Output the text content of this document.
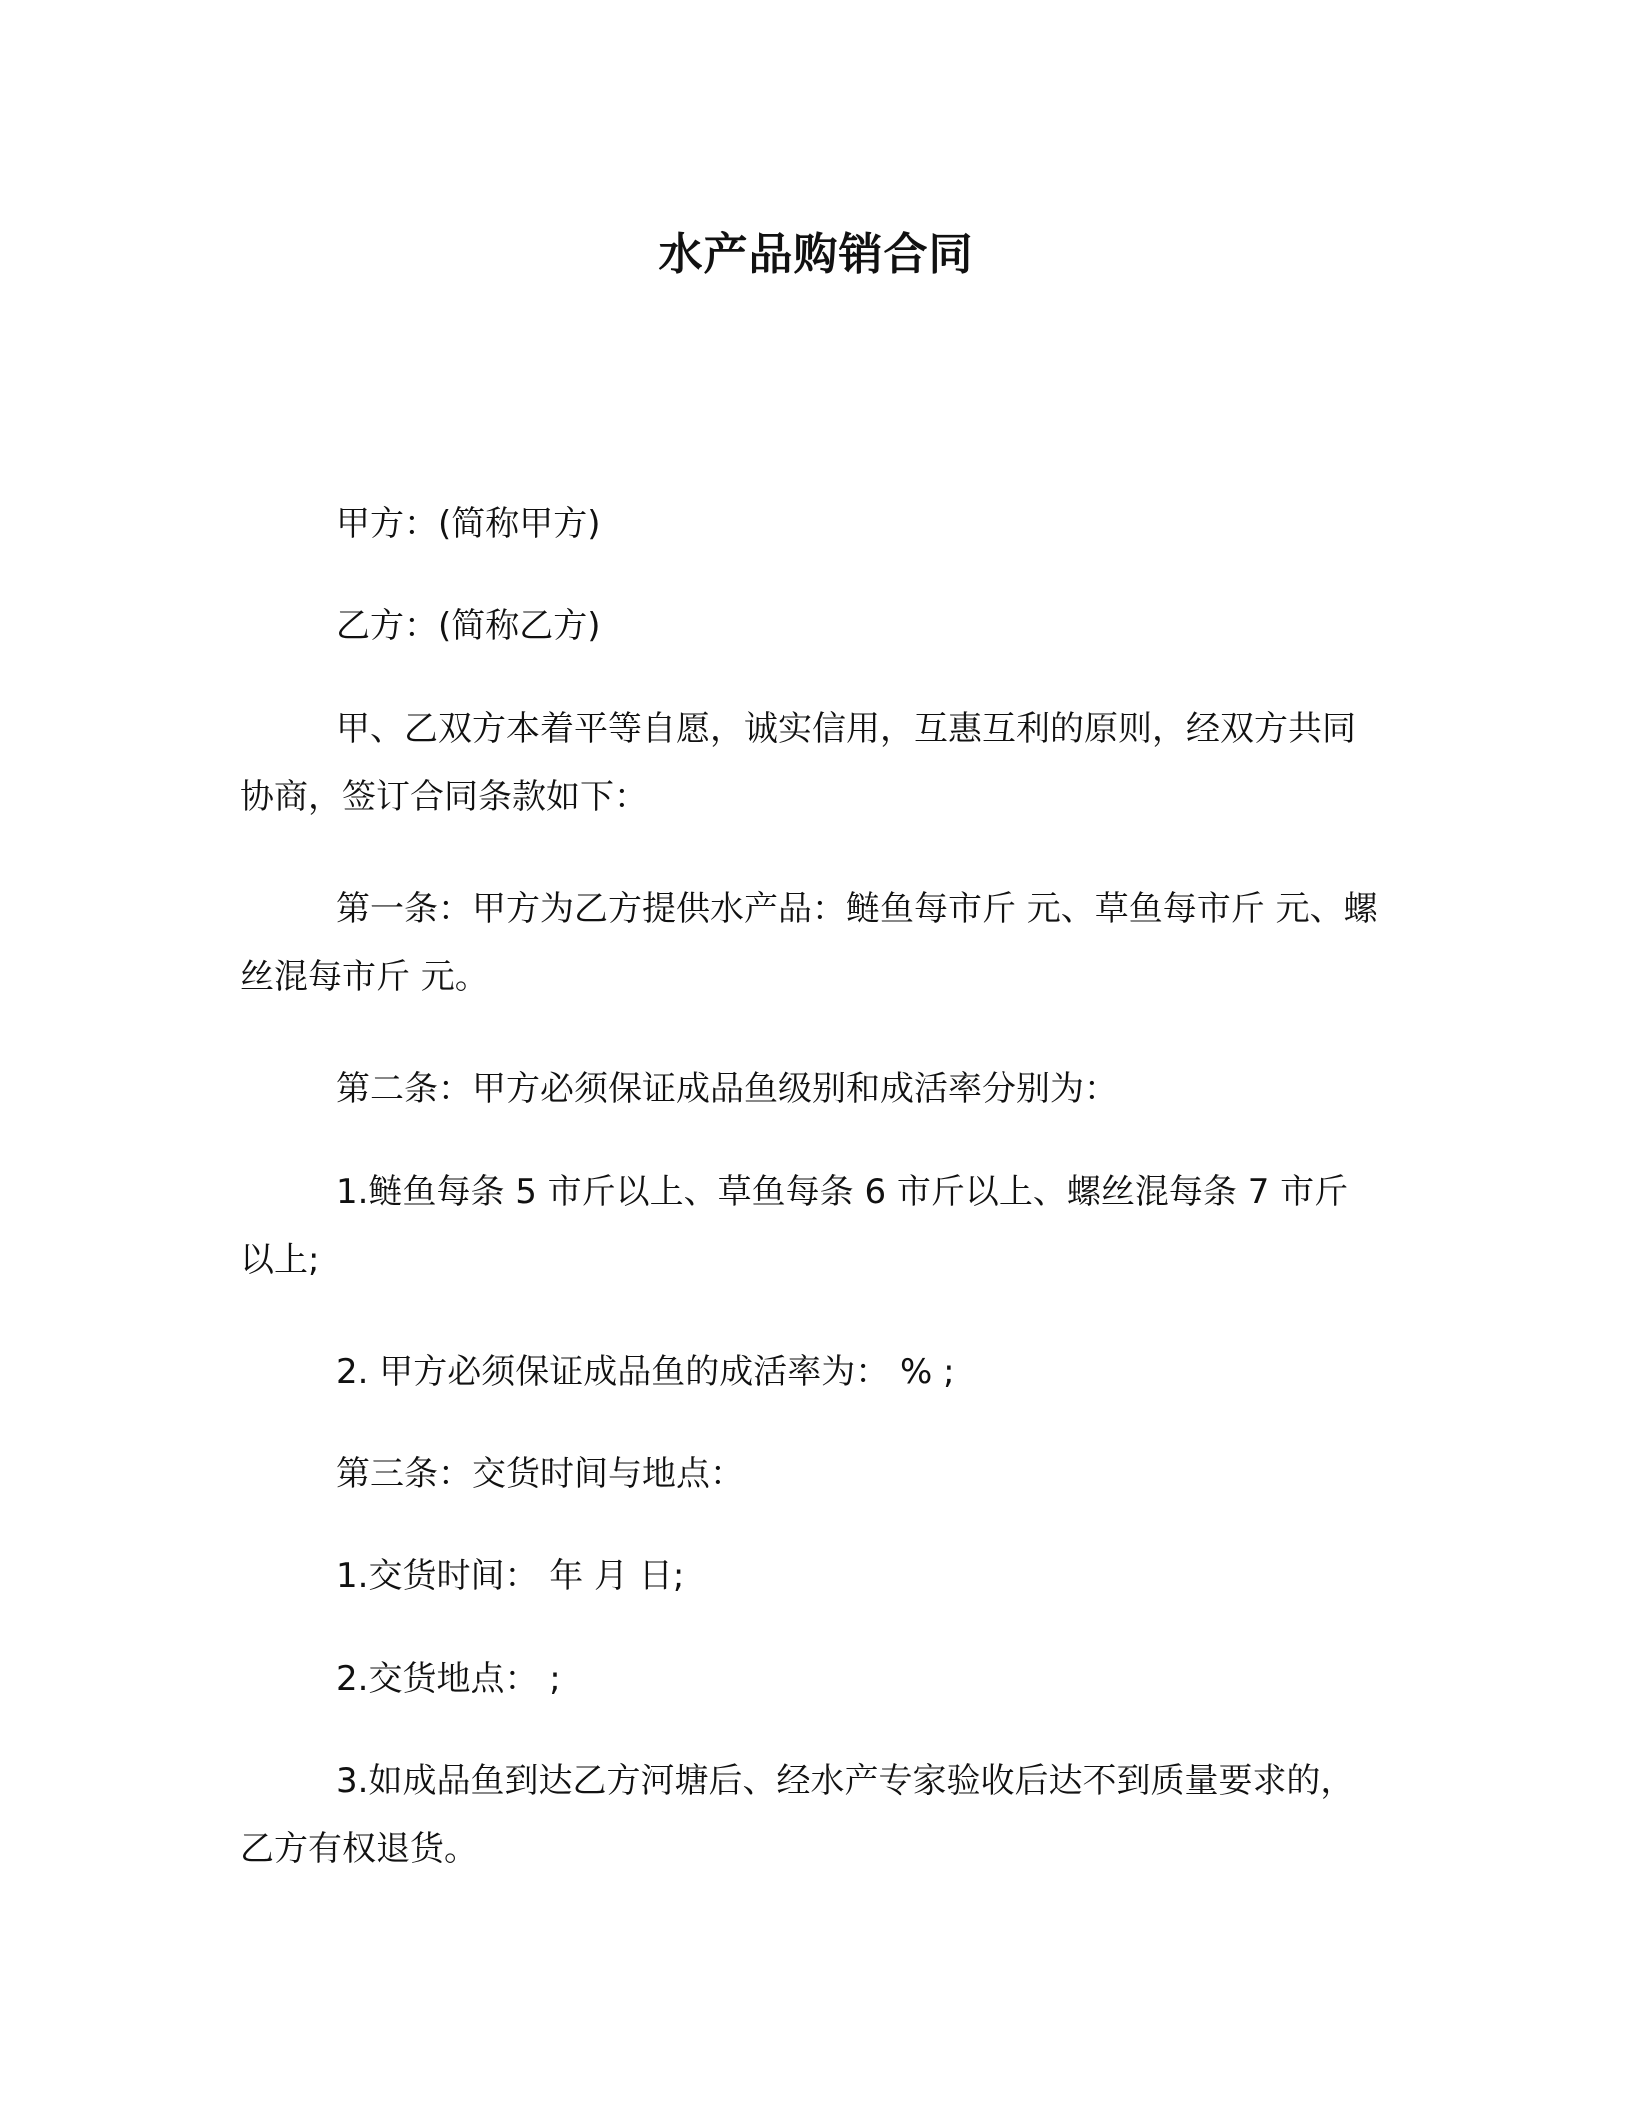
水产品购销合同

甲方：(简称甲方)

乙方：(简称乙方)

甲、乙双方本着平等自愿，诚实信用，互惠互利的原则，经双方共同协商，签订合同条款如下：

第一条：甲方为乙方提供水产品：鲢鱼每市斤 元、草鱼每市斤 元、螺丝混每市斤 元。

第二条：甲方必须保证成品鱼级别和成活率分别为：

1.鲢鱼每条 5 市斤以上、草鱼每条 6 市斤以上、螺丝混每条 7 市斤以上;

2. 甲方必须保证成品鱼的成活率为： % ;

第三条：交货时间与地点：

1.交货时间： 年 月 日;

2.交货地点： ;

3.如成品鱼到达乙方河塘后、经水产专家验收后达不到质量要求的，乙方有权退货。
